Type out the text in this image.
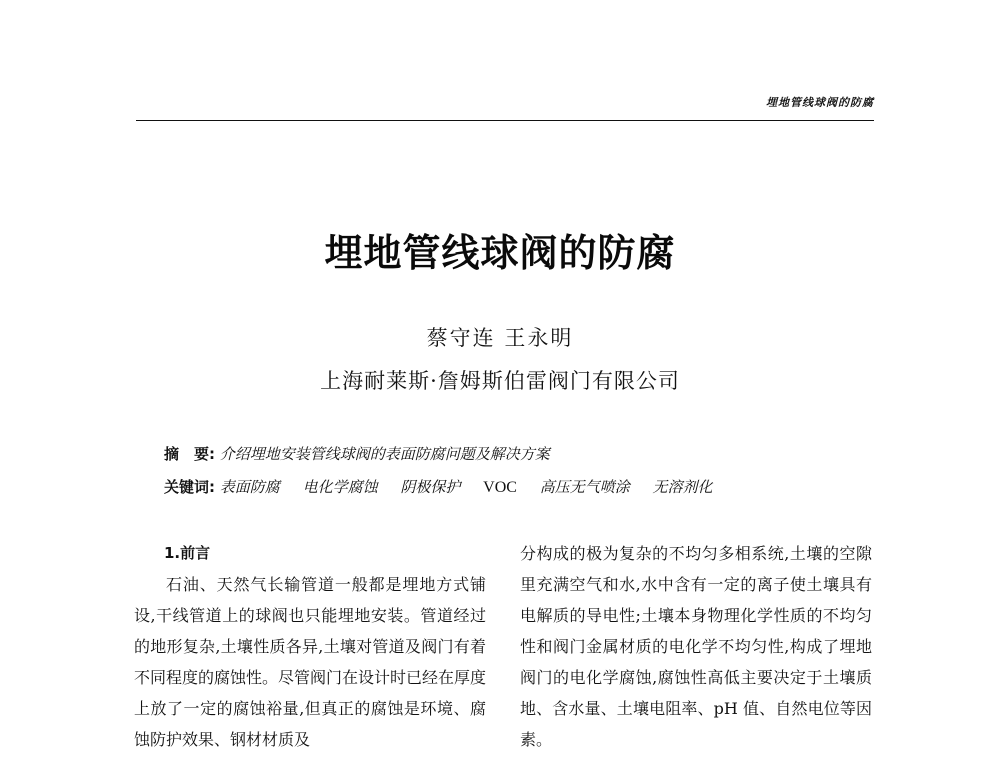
埋地管线球阀的防腐
埋地管线球阀的防腐
蔡守连 王永明
上海耐莱斯·詹姆斯伯雷阀门有限公司
摘　要: 介绍埋地安装管线球阀的表面防腐问题及解决方案
关键词: 表面防腐 电化学腐蚀 阴极保护 VOC 高压无气喷涂 无溶剂化
1.前言

石油、天然气长输管道一般都是埋地方式铺设,干线管道上的球阀也只能埋地安装。管道经过的地形复杂,土壤性质各异,土壤对管道及阀门有着不同程度的腐蚀性。尽管阀门在设计时已经在厚度上放了一定的腐蚀裕量,但真正的腐蚀是环境、腐蚀防护效果、钢材材质及

分构成的极为复杂的不均匀多相系统,土壤的空隙里充满空气和水,水中含有一定的离子使土壤具有电解质的导电性;土壤本身物理化学性质的不均匀性和阀门金属材质的电化学不均匀性,构成了埋地阀门的电化学腐蚀,腐蚀性高低主要决定于土壤质地、含水量、土壤电阻率、pH 值、自然电位等因素。
